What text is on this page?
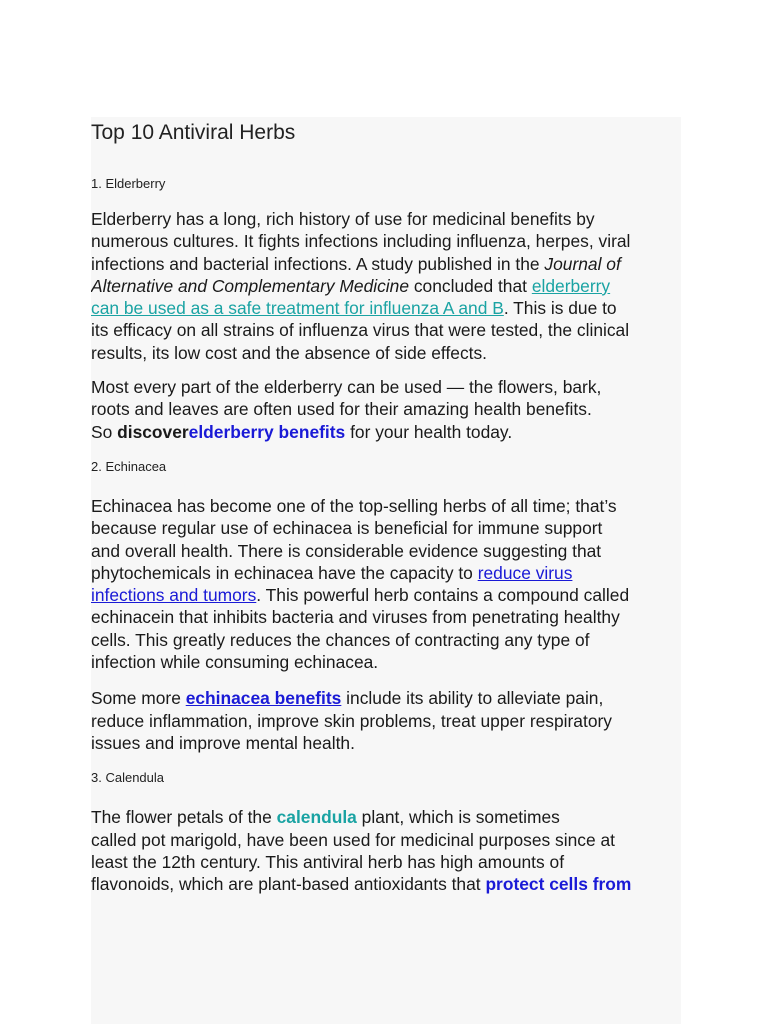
Top 10 Antiviral Herbs
1. Elderberry

Elderberry has a long, rich history of use for medicinal benefits by
numerous cultures. It fights infections including influenza, herpes, viral
infections and bacterial infections. A study published in the Journal of
Alternative and Complementary Medicine concluded that elderberry
can be used as a safe treatment for influenza A and B. This is due to
its efficacy on all strains of influenza virus that were tested, the clinical
results, its low cost and the absence of side effects.

Most every part of the elderberry can be used — the flowers, bark,
roots and leaves are often used for their amazing health benefits.
So discoverelderberry benefits for your health today.

2. Echinacea

Echinacea has become one of the top-selling herbs of all time; that’s
because regular use of echinacea is beneficial for immune support
and overall health. There is considerable evidence suggesting that
phytochemicals in echinacea have the capacity to reduce virus
infections and tumors. This powerful herb contains a compound called
echinacein that inhibits bacteria and viruses from penetrating healthy
cells. This greatly reduces the chances of contracting any type of
infection while consuming echinacea.

Some more echinacea benefits include its ability to alleviate pain,
reduce inflammation, improve skin problems, treat upper respiratory
issues and improve mental health.

3. Calendula

The flower petals of the calendula plant, which is sometimes
called pot marigold, have been used for medicinal purposes since at
least the 12th century. This antiviral herb has high amounts of
flavonoids, which are plant-based antioxidants that protect cells from
